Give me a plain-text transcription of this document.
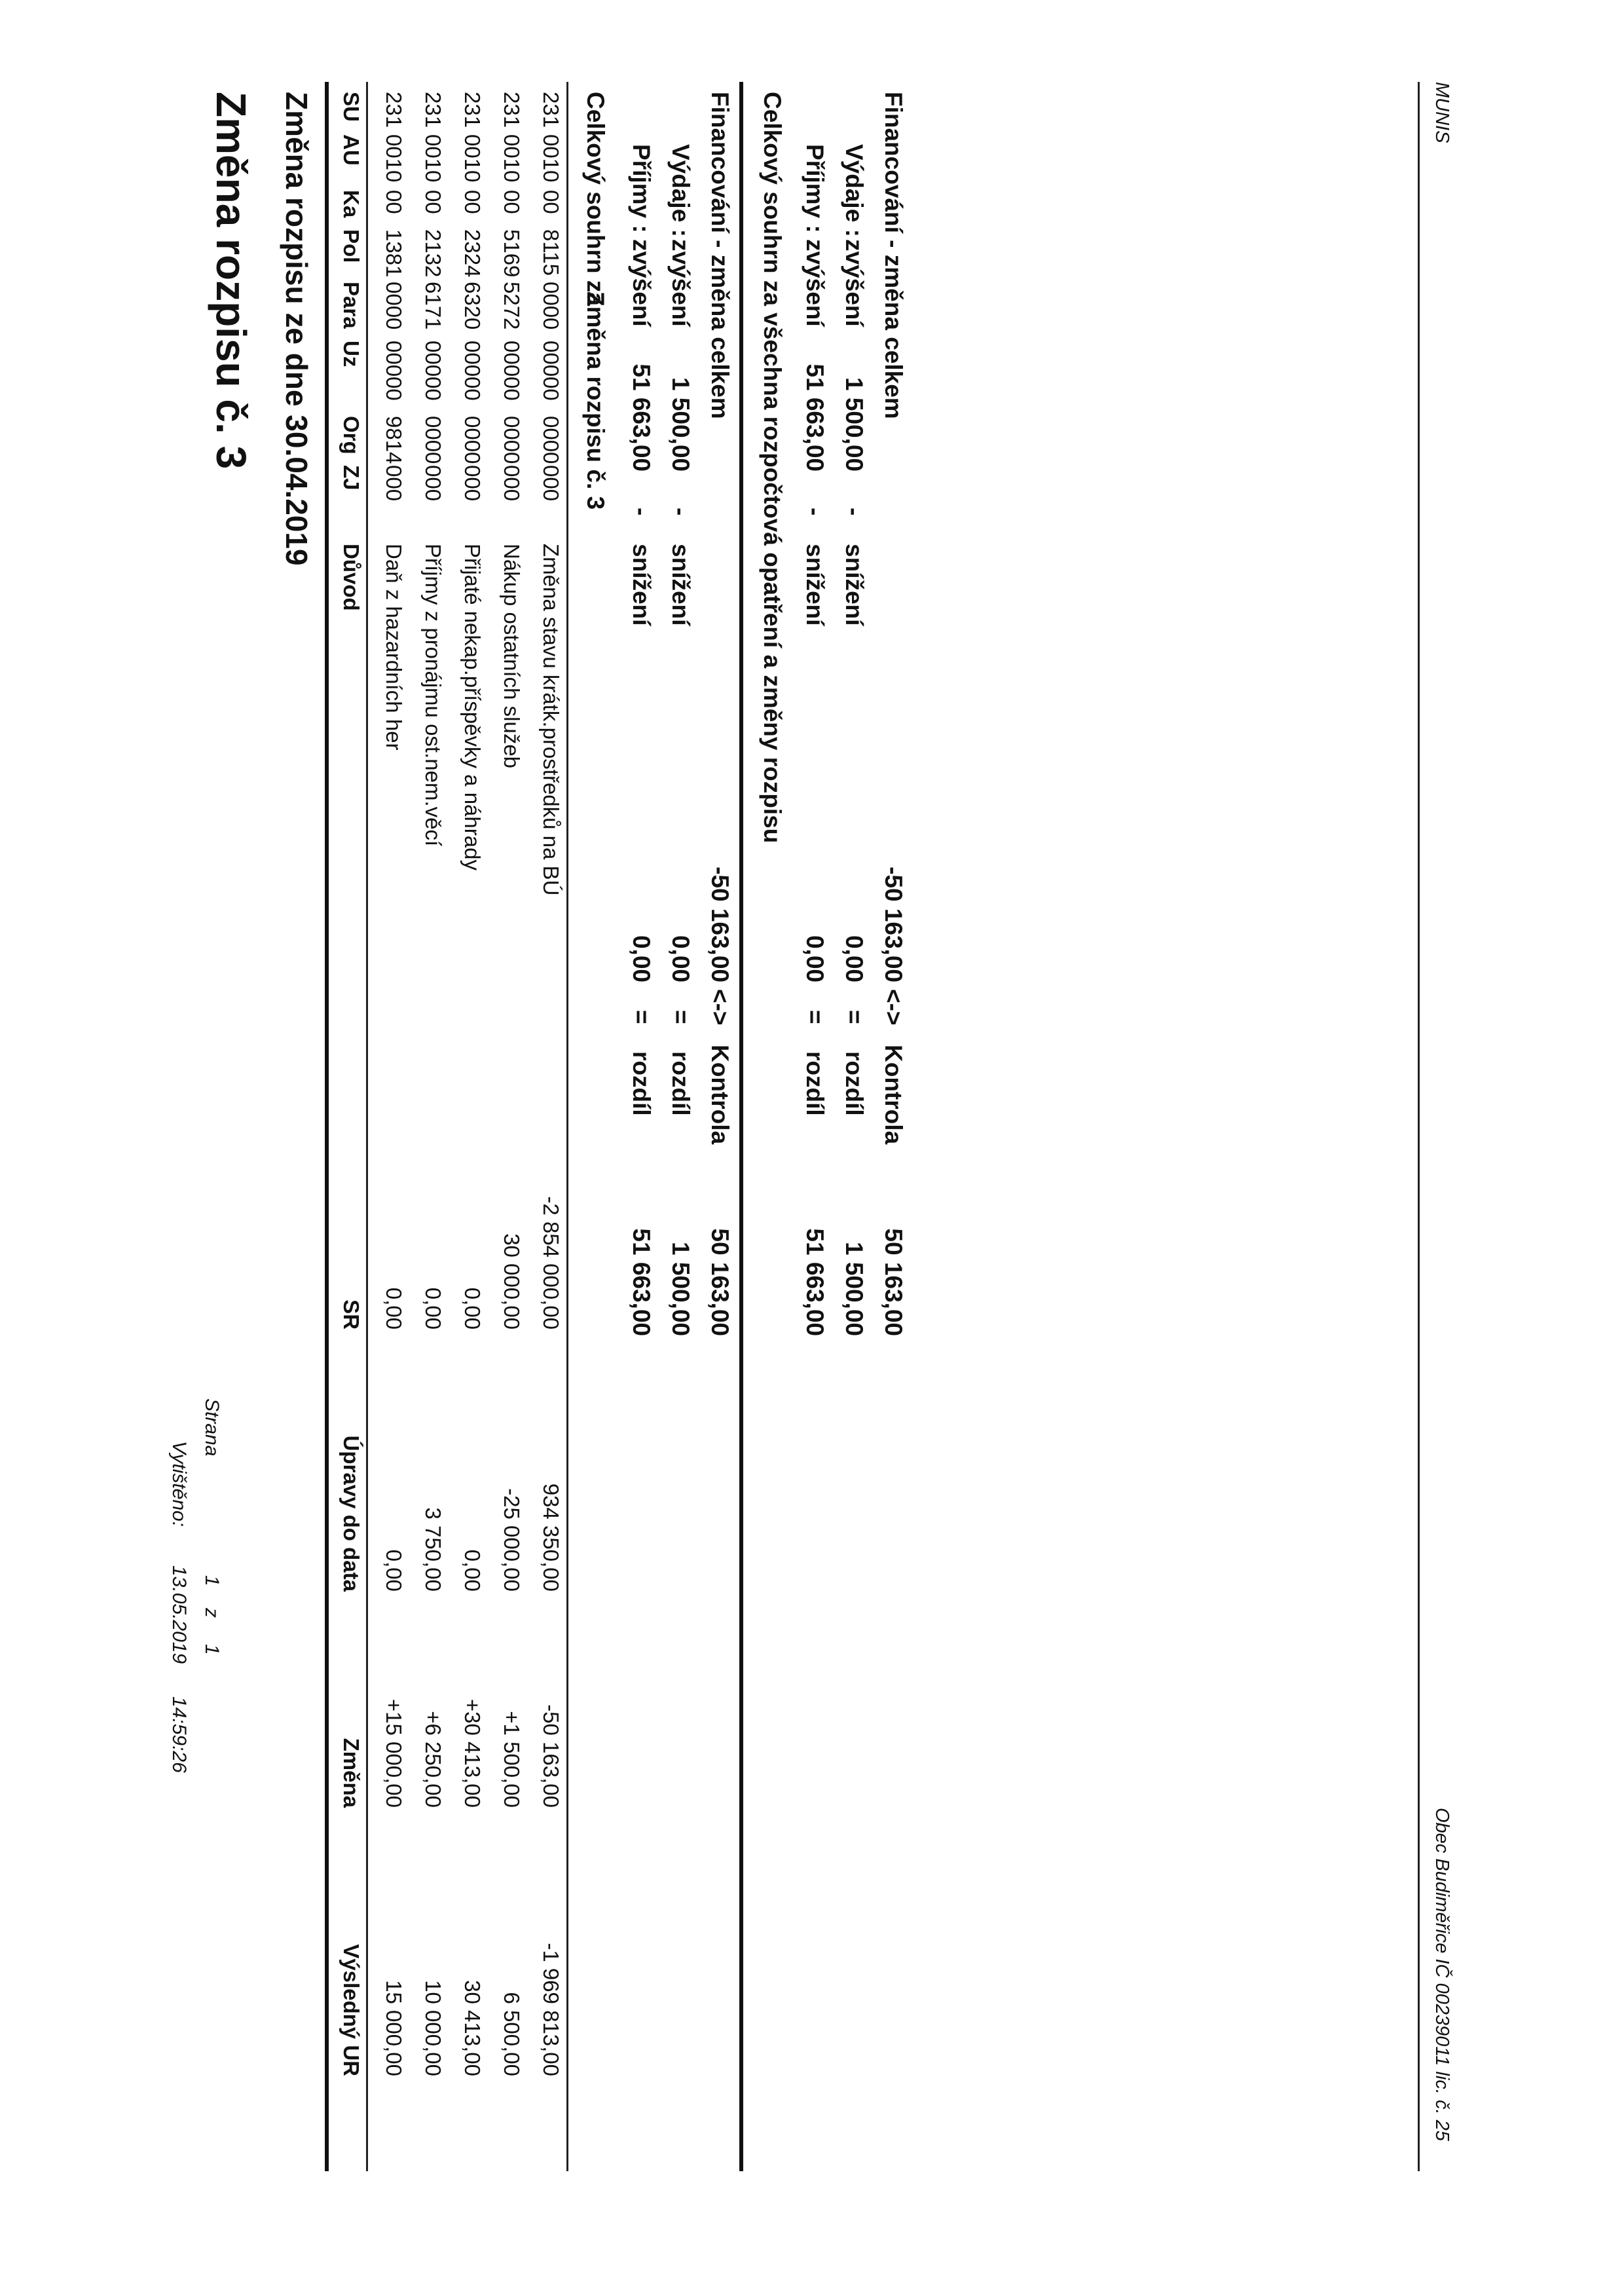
Změna rozpisu č. 3 Změna rozpisu ze dne 30.04.2019
Vytištěno:
13.05.2019
14:59:26
Strana
1
z
1
SU
AU
Ka
Pol
Para
Uz
Org
ZJ
Důvod
SR
Úpravy do data
Změna
Výsledný UR
231
0010
00
1381
0000
00000
9814
000
Daň z hazardních her
0,00
0,00
+15 000,00
15 000,00
231
0010
00
2132
6171
00000
0000
000
Příjmy z pronájmu ost.nem.věcí
0,00
3 750,00
+6 250,00
10 000,00
231
0010
00
2324
6320
00000
0000
000
Přijaté nekap.příspěvky a náhrady
0,00
0,00
+30 413,00
30 413,00
231
0010
00
5169
5272
00000
0000
000
Nákup ostatních služeb
30 000,00
-25 000,00
+1 500,00
6 500,00
231
0010
00
8115
0000
00000
0000
000
Změna stavu krátk.prostředků na BÚ
-2 854 000,00
934 350,00
-50 163,00
-1 969 813,00
Celkový souhrn za
Změna rozpisu č. 3
Příjmy :
zvýšení
51 663,00
-
snížení
0,00
=
rozdíl
51 663,00
Výdaje :
zvýšení
1 500,00
-
snížení
0,00
=
rozdíl
1 500,00
Financování - změna celkem
-50 163,00
<->
Kontrola
50 163,00
Celkový souhrn za všechna rozpočtová opatření a změny rozpisu Příjmy :
zvýšení
51 663,00
-
snížení
0,00
=
rozdíl
51 663,00
Výdaje :
zvýšení
1 500,00
-
snížení
0,00
=
rozdíl
1 500,00
Financování - změna celkem
-50 163,00
<->
Kontrola
50 163,00
MUNIS
Obec Budiměřice IČ 00239011 lic. č. 25
